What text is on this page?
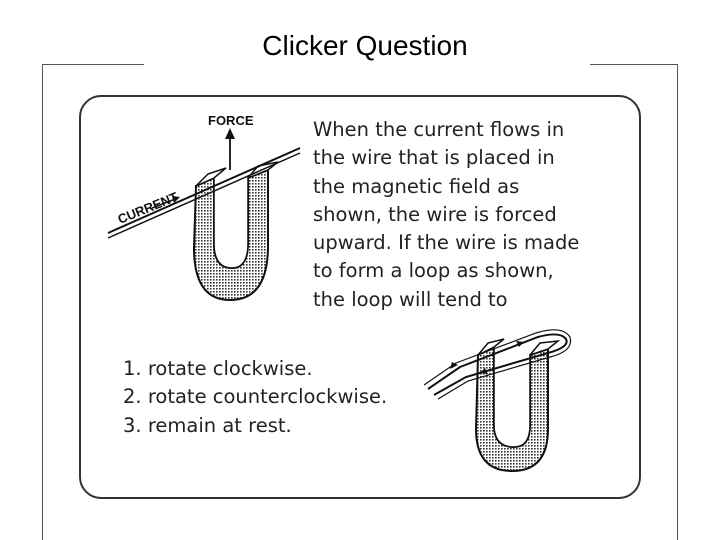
Clicker Question
FORCE
CURRENT
When the current flows in
the wire that is placed in
the magnetic field as
shown, the wire is forced
upward. If the wire is made
to form a loop as shown,
the loop will tend to
1. rotate clockwise.
2. rotate counterclockwise.
3. remain at rest.
